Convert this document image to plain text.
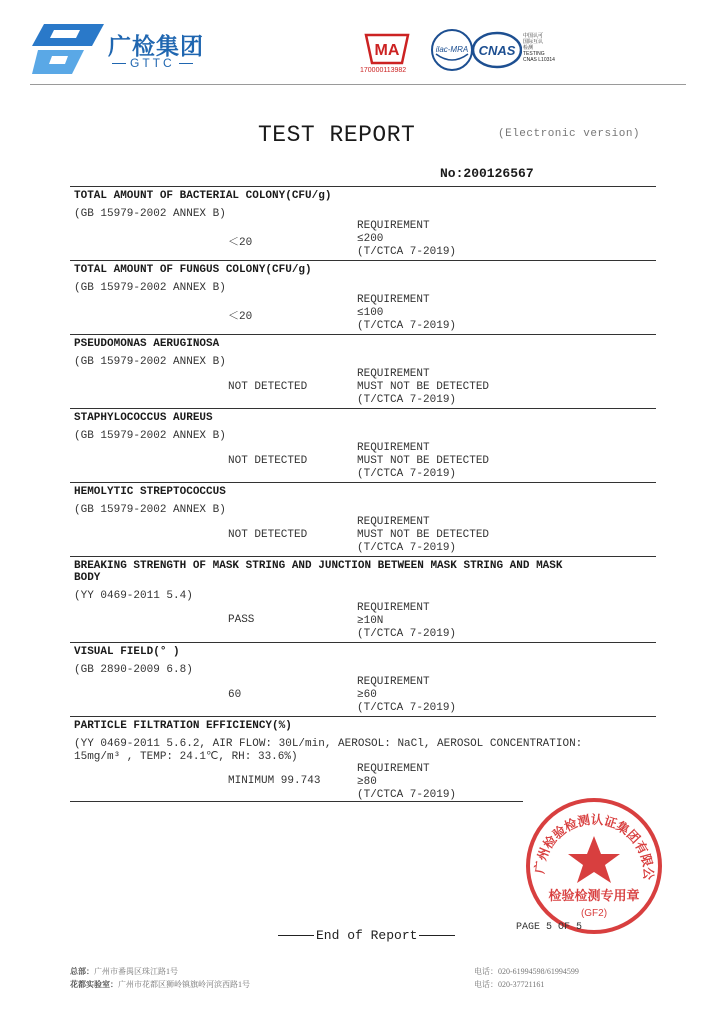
广检集团
GTTC
MA
170000113982
ilac-MRA CNAS
中国认可
国际互认
检测
TESTING
CNAS L10314
TEST REPORT	(Electronic version)
No:200126567
TOTAL AMOUNT OF BACTERIAL COLONY(CFU/g)
(GB 15979-2002 ANNEX B)
＜20
REQUIREMENT
≤200
(T/CTCA 7-2019)
TOTAL AMOUNT OF FUNGUS COLONY(CFU/g)
(GB 15979-2002 ANNEX B)
＜20
REQUIREMENT
≤100
(T/CTCA 7-2019)
PSEUDOMONAS AERUGINOSA
(GB 15979-2002 ANNEX B)
NOT DETECTED
REQUIREMENT
MUST NOT BE DETECTED
(T/CTCA 7-2019)
STAPHYLOCOCCUS AUREUS
(GB 15979-2002 ANNEX B)
NOT DETECTED
REQUIREMENT
MUST NOT BE DETECTED
(T/CTCA 7-2019)
HEMOLYTIC STREPTOCOCCUS
(GB 15979-2002 ANNEX B)
NOT DETECTED
REQUIREMENT
MUST NOT BE DETECTED
(T/CTCA 7-2019)
BREAKING STRENGTH OF MASK STRING AND JUNCTION BETWEEN MASK STRING AND MASK BODY
(YY 0469-2011 5.4)
PASS
REQUIREMENT
≥10N
(T/CTCA 7-2019)
VISUAL FIELD(° )
(GB 2890-2009 6.8)
60
REQUIREMENT
≥60
(T/CTCA 7-2019)
PARTICLE FILTRATION EFFICIENCY(%)
(YY 0469-2011 5.6.2, AIR FLOW: 30L/min, AEROSOL: NaCl, AEROSOL CONCENTRATION:
15mg/m³ , TEMP: 24.1℃, RH: 33.6%)
MINIMUM 99.743
REQUIREMENT
≥80
(T/CTCA 7-2019)
广州检验检测认证集团有限公
检验检测专用章
(GF2)
PAGE 5 OF 5
End of Report
总部：广州市番禺区珠江路1号
花都实验室：广州市花都区狮岭镇旗岭河滨西路1号
电话：020-61994598/61994599
电话：020-37721161
